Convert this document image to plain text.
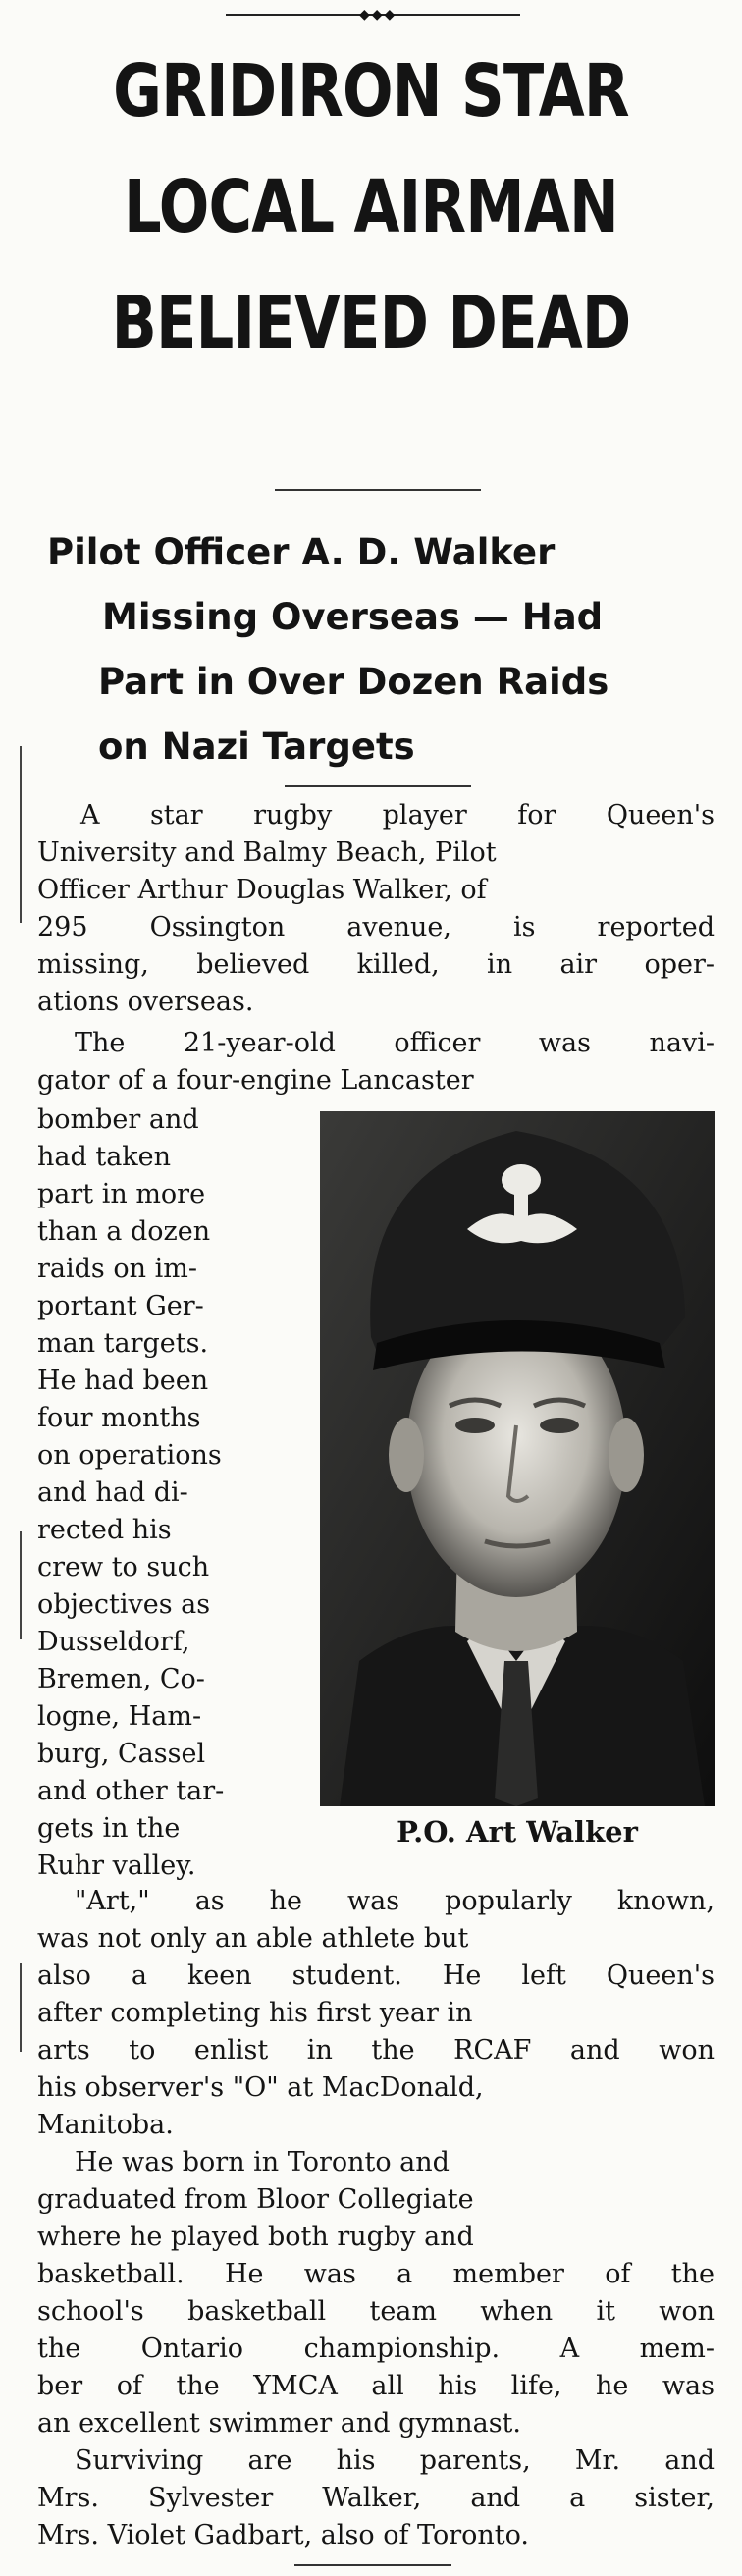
◆◆◆
GRIDIRON STAR
LOCAL AIRMAN
BELIEVED DEAD
Pilot Officer A. D. Walker
Missing Overseas — Had
Part in Over Dozen Raids
on Nazi Targets

A star rugby player for Queen's
University and Balmy Beach, Pilot
Officer Arthur Douglas Walker, of
295 Ossington avenue, is reported
missing, believed killed, in air oper-
ations overseas.

The 21-year-old officer was navi-
gator of a four-engine Lancaster

bomber and
had taken
part in more
than a dozen
raids on im-
portant Ger-
man targets.
He had been
four months
on operations
and had di-
rected his
crew to such
objectives as
Dusseldorf,
Bremen, Co-
logne, Ham-
burg, Cassel
and other tar-
gets in the
Ruhr valley.

P.O. Art Walker

"Art," as he was popularly known,
was not only an able athlete but
also a keen student. He left Queen's
after completing his first year in
arts to enlist in the RCAF and won
his observer's "O" at MacDonald,
Manitoba.

He was born in Toronto and
graduated from Bloor Collegiate
where he played both rugby and
basketball. He was a member of the
school's basketball team when it won
the Ontario championship. A mem-
ber of the YMCA all his life, he was
an excellent swimmer and gymnast.

Surviving are his parents, Mr. and
Mrs. Sylvester Walker, and a sister,
Mrs. Violet Gadbart, also of Toronto.
